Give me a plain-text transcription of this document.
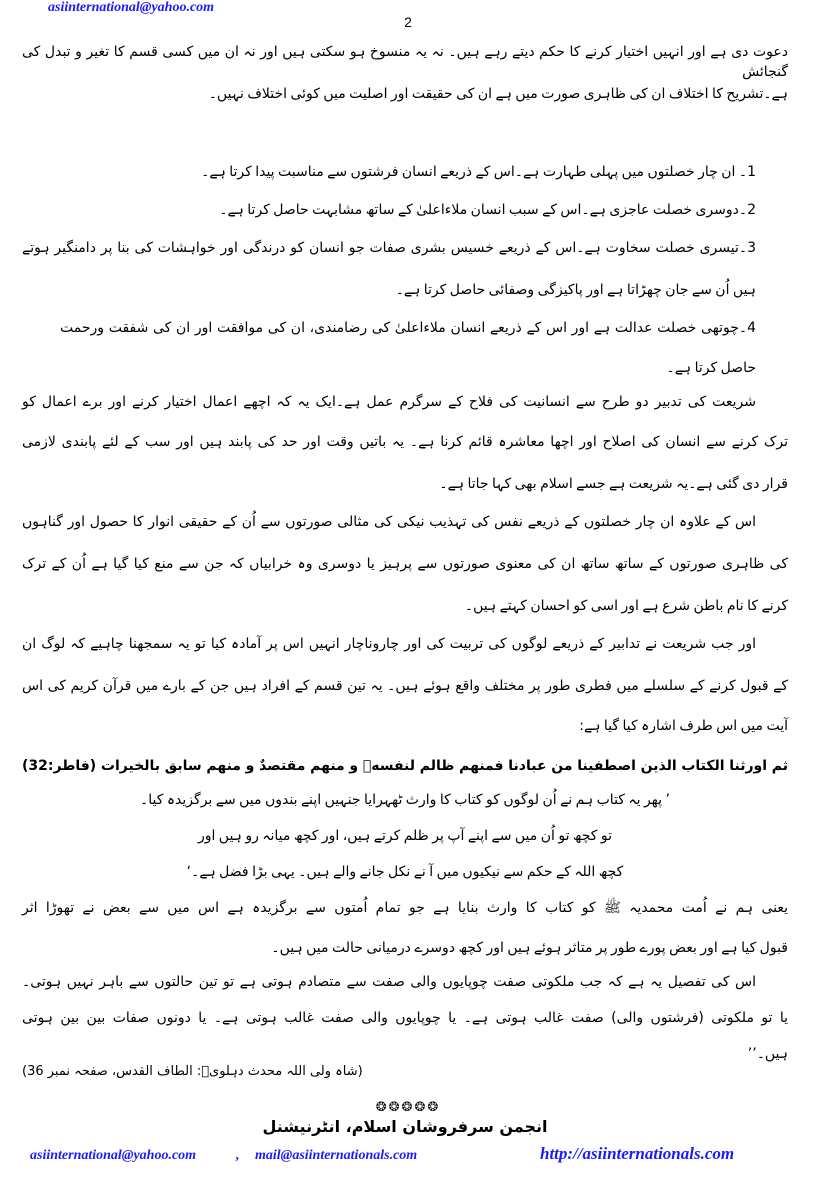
asiinternational@yahoo.com
2
دعوت دی ہے اور انہیں اختیار کرنے کا حکم دیتے رہے ہیں۔ نہ یہ منسوخ ہو سکتی ہیں اور نہ ان میں کسی قسم کا تغیر و تبدل کی گنجائش
ہے۔تشریح کا اختلاف ان کی ظاہری صورت میں ہے ان کی حقیقت اور اصلیت میں کوئی اختلاف نہیں۔
1۔ ان چار خصلتوں میں پہلی طہارت ہے۔اس کے ذریعے انسان فرشتوں سے مناسبت پیدا کرتا ہے۔
2۔دوسری خصلت عاجزی ہے۔اس کے سبب انسان ملاءاعلیٰ کے ساتھ مشابہت حاصل کرتا ہے۔
3۔تیسری خصلت سخاوت ہے۔اس کے ذریعے خسیس بشری صفات جو انسان کو درندگی اور خواہشات کی بنا پر دامنگیر ہوتے
ہیں اُن سے جان چھڑاتا ہے اور پاکیزگی وصفائی حاصل کرتا ہے۔
4۔چوتھی خصلت عدالت ہے اور اس کے ذریعے انسان ملاءاعلیٰ کی رضامندی، ان کی موافقت اور ان کی شفقت ورحمت
حاصل کرتا ہے۔
شریعت کی تدبیر دو طرح سے انسانیت کی فلاح کے سرگرم عمل ہے۔ایک یہ کہ اچھے اعمال اختیار کرنے اور برے اعمال کو
ترک کرنے سے انسان کی اصلاح اور اچھا معاشرہ قائم کرنا ہے۔ یہ باتیں وقت اور حد کی پابند ہیں اور سب کے لئے پابندی لازمی
قرار دی گئی ہے۔یہ شریعت ہے جسے اسلام بھی کہا جاتا ہے۔
اس کے علاوہ ان چار خصلتوں کے ذریعے نفس کی تہذیب نیکی کی مثالی صورتوں سے اُن کے حقیقی انوار کا حصول اور گناہوں
کی ظاہری صورتوں کے ساتھ ساتھ ان کی معنوی صورتوں سے پرہیز یا دوسری وہ خرابیاں کہ جن سے منع کیا گیا ہے اُن کے ترک
کرنے کا نام باطن شرع ہے اور اسی کو احسان کہتے ہیں۔
اور جب شریعت نے تدابیر کے ذریعے لوگوں کی تربیت کی اور چاروناچار انہیں اس پر آمادہ کیا تو یہ سمجھنا چاہیے کہ لوگ ان
کے قبول کرنے کے سلسلے میں فطری طور پر مختلف واقع ہوئے ہیں۔ یہ تین قسم کے افراد ہیں جن کے بارے میں قرآن کریم کی اس
آیت میں اس طرف اشارہ کیا گیا ہے:
ثم اورثنا الكتاب الذين اصطفينا من عبادنا فمنهم ظالم لنفسهٖ و منهم مقتصدٌ و منهم سابق بالخيرات (فاطر:32)
’ پھر یہ کتاب ہم نے اُن لوگوں کو کتاب کا وارث ٹھہرایا جنہیں اپنے بندوں میں سے برگزیدہ کیا۔
تو کچھ تو اُن میں سے اپنے آپ پر ظلم کرتے ہیں، اور کچھ میانہ رو ہیں اور
کچھ اللہ کے حکم سے نیکیوں میں آ نے نکل جانے والے ہیں۔ یہی بڑا فضل ہے۔‘
یعنی ہم نے اُمت محمدیہ ﷺ کو کتاب کا وارث بنایا ہے جو تمام اُمتوں سے برگزیدہ ہے اس میں سے بعض نے تھوڑا اثر
قبول کیا ہے اور بعض پورے طور پر متاثر ہوئے ہیں اور کچھ دوسرے درمیانی حالت میں ہیں۔
اس کی تفصیل یہ ہے کہ جب ملکوتی صفت چوپایوں والی صفت سے متصادم ہوتی ہے تو تین حالتوں سے باہر نہیں ہوتی۔
یا تو ملکوتی (فرشتوں والی) صفت غالب ہوتی ہے۔ یا چوپایوں والی صفت غالب ہوتی ہے۔ یا دونوں صفات بین بین ہوتی
ہیں۔’’
(شاہ ولی اللہ محدث دہلویؒ: الطاف القدس، صفحہ نمبر 36)
❂❂❂❂❂
انجمن سرفروشان اسلام، انٹرنیشنل
asiinternational@yahoo.com	, mail@asiinternationals.com	http://asiinternationals.com
